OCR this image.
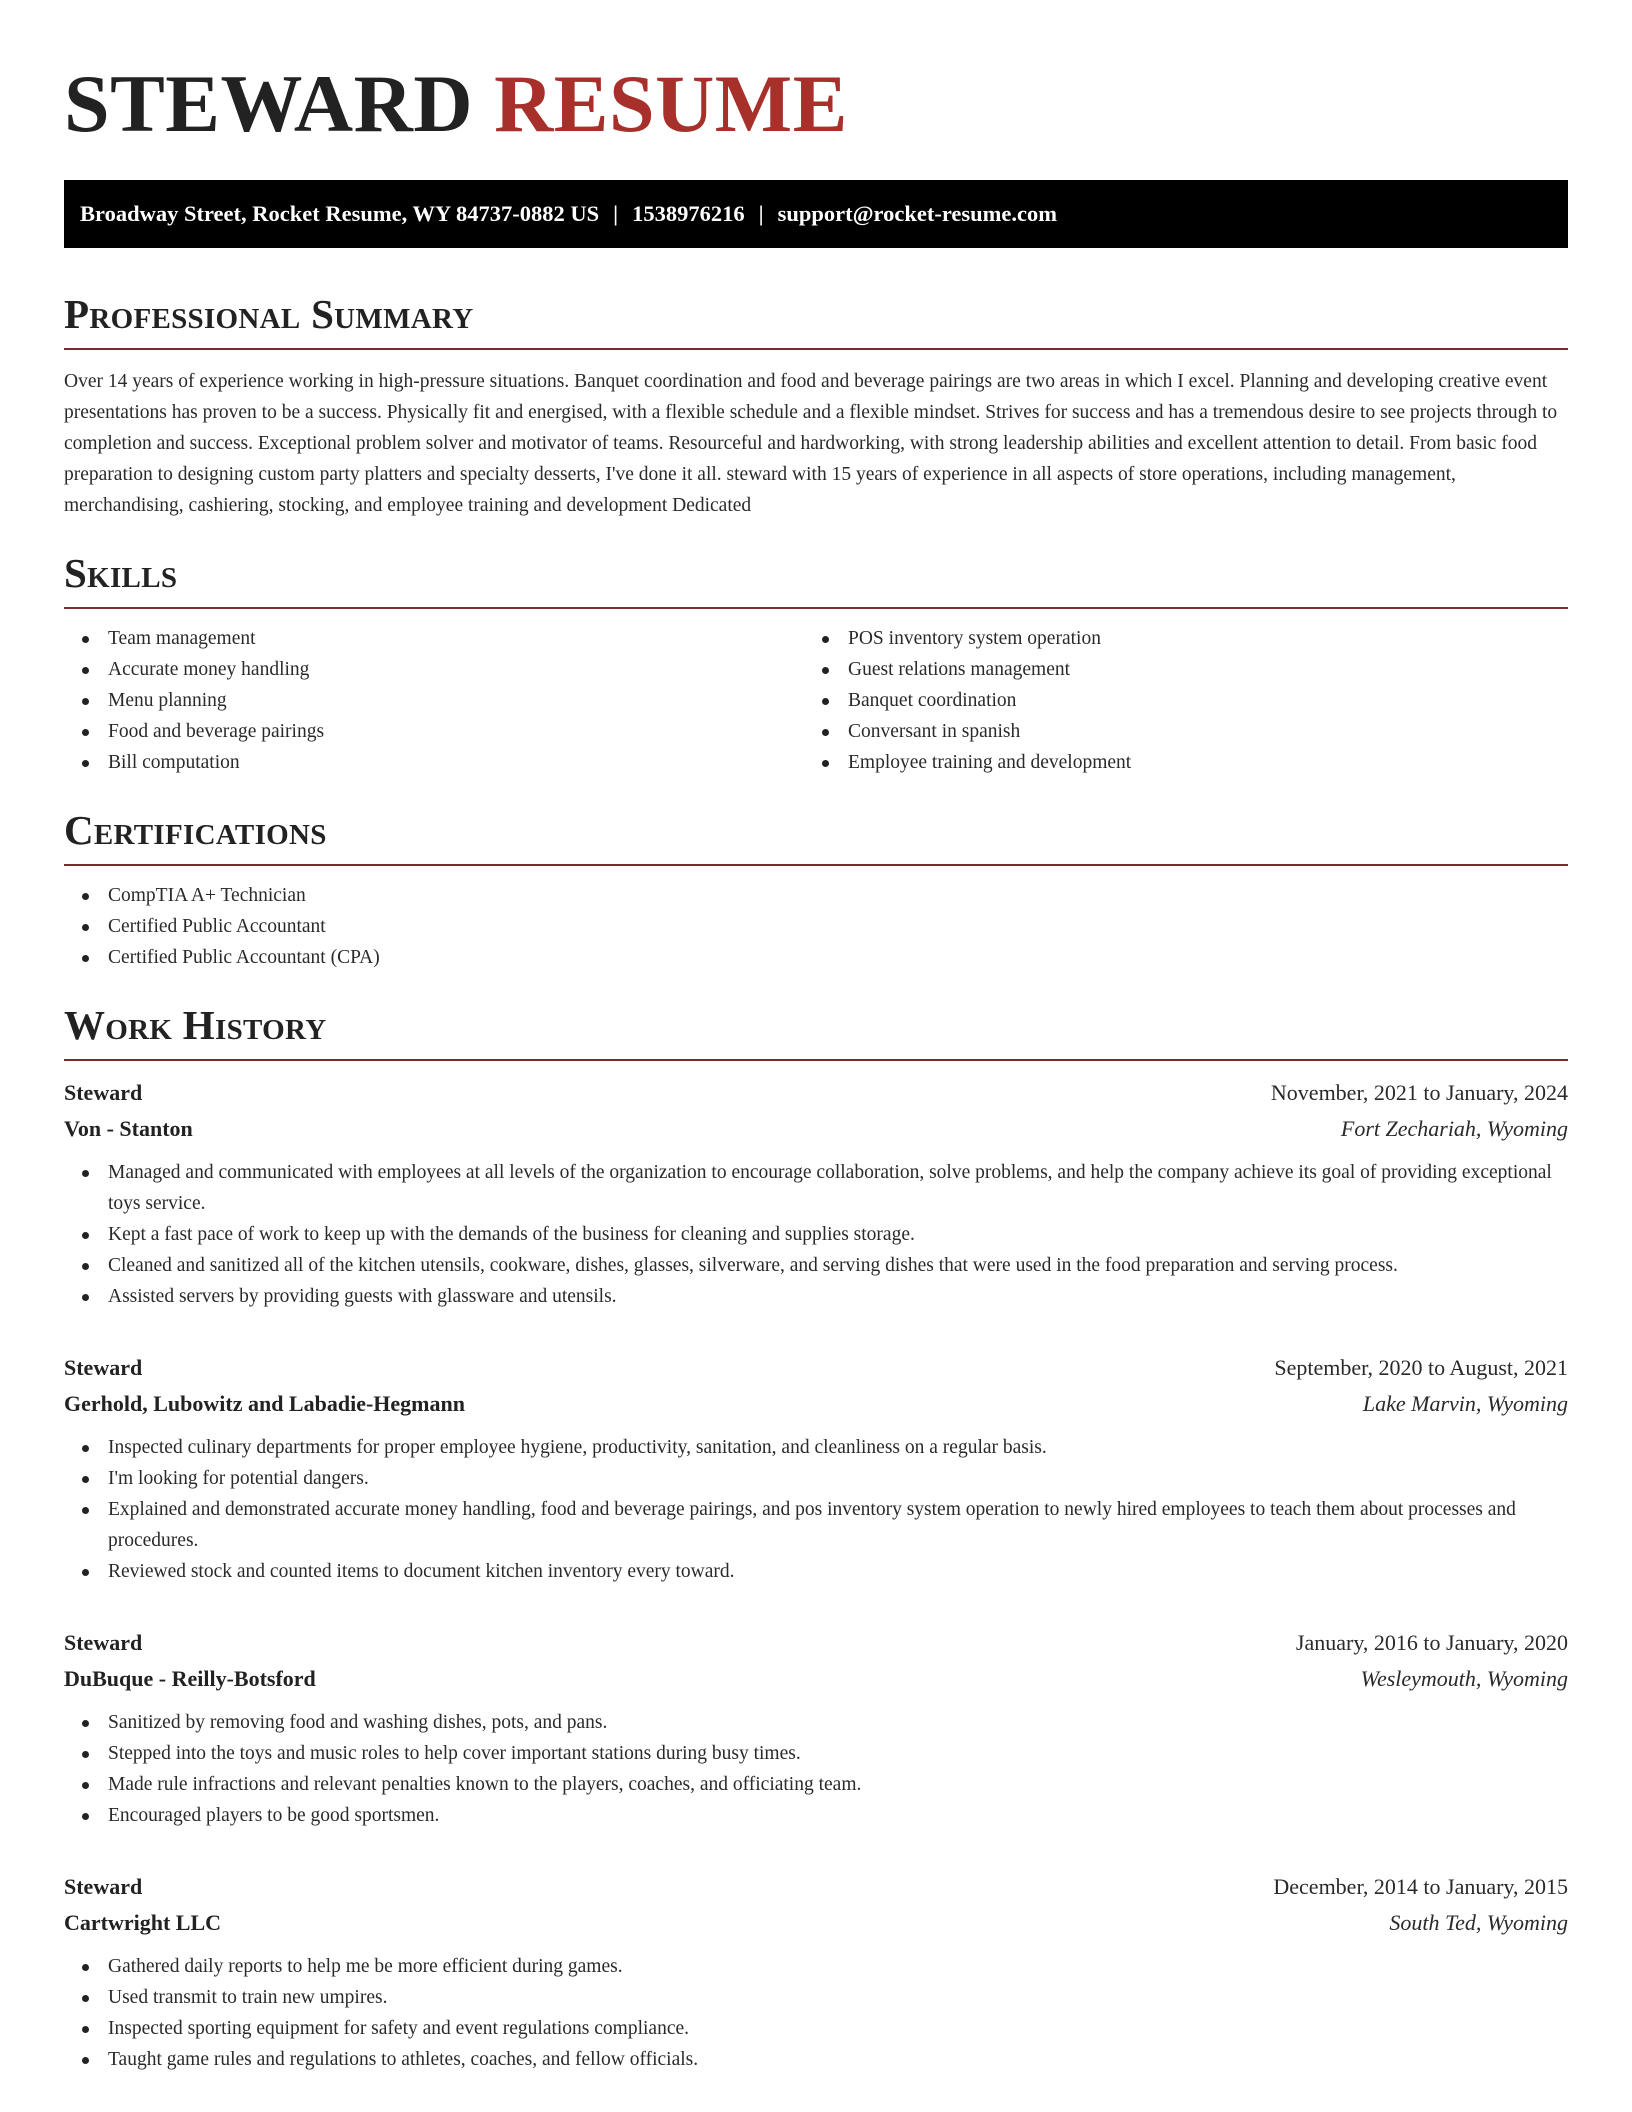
STEWARD RESUME
Broadway Street, Rocket Resume, WY 84737-0882 US | 1538976216 | support@rocket-resume.com
Professional Summary

Over 14 years of experience working in high-pressure situations. Banquet coordination and food and beverage pairings are two areas in which I excel. Planning and developing creative event presentations has proven to be a success. Physically fit and energised, with a flexible schedule and a flexible mindset. Strives for success and has a tremendous desire to see projects through to completion and success. Exceptional problem solver and motivator of teams. Resourceful and hardworking, with strong leadership abilities and excellent attention to detail. From basic food preparation to designing custom party platters and specialty desserts, I've done it all. steward with 15 years of experience in all aspects of store operations, including management, merchandising, cashiering, stocking, and employee training and development Dedicated

Skills
Team management
Accurate money handling
Menu planning
Food and beverage pairings
Bill computation
POS inventory system operation
Guest relations management
Banquet coordination
Conversant in spanish
Employee training and development
Certifications
CompTIA A+ Technician
Certified Public Accountant
Certified Public Accountant (CPA)
Work History
Steward	November, 2021 to January, 2024
Von - Stanton	Fort Zechariah, Wyoming
Managed and communicated with employees at all levels of the organization to encourage collaboration, solve problems, and help the company achieve its goal of providing exceptional toys service.
Kept a fast pace of work to keep up with the demands of the business for cleaning and supplies storage.
Cleaned and sanitized all of the kitchen utensils, cookware, dishes, glasses, silverware, and serving dishes that were used in the food preparation and serving process.
Assisted servers by providing guests with glassware and utensils.
Steward	September, 2020 to August, 2021
Gerhold, Lubowitz and Labadie-Hegmann	Lake Marvin, Wyoming
Inspected culinary departments for proper employee hygiene, productivity, sanitation, and cleanliness on a regular basis.
I'm looking for potential dangers.
Explained and demonstrated accurate money handling, food and beverage pairings, and pos inventory system operation to newly hired employees to teach them about processes and procedures.
Reviewed stock and counted items to document kitchen inventory every toward.
Steward	January, 2016 to January, 2020
DuBuque - Reilly-Botsford	Wesleymouth, Wyoming
Sanitized by removing food and washing dishes, pots, and pans.
Stepped into the toys and music roles to help cover important stations during busy times.
Made rule infractions and relevant penalties known to the players, coaches, and officiating team.
Encouraged players to be good sportsmen.
Steward	December, 2014 to January, 2015
Cartwright LLC	South Ted, Wyoming
Gathered daily reports to help me be more efficient during games.
Used transmit to train new umpires.
Inspected sporting equipment for safety and event regulations compliance.
Taught game rules and regulations to athletes, coaches, and fellow officials.
